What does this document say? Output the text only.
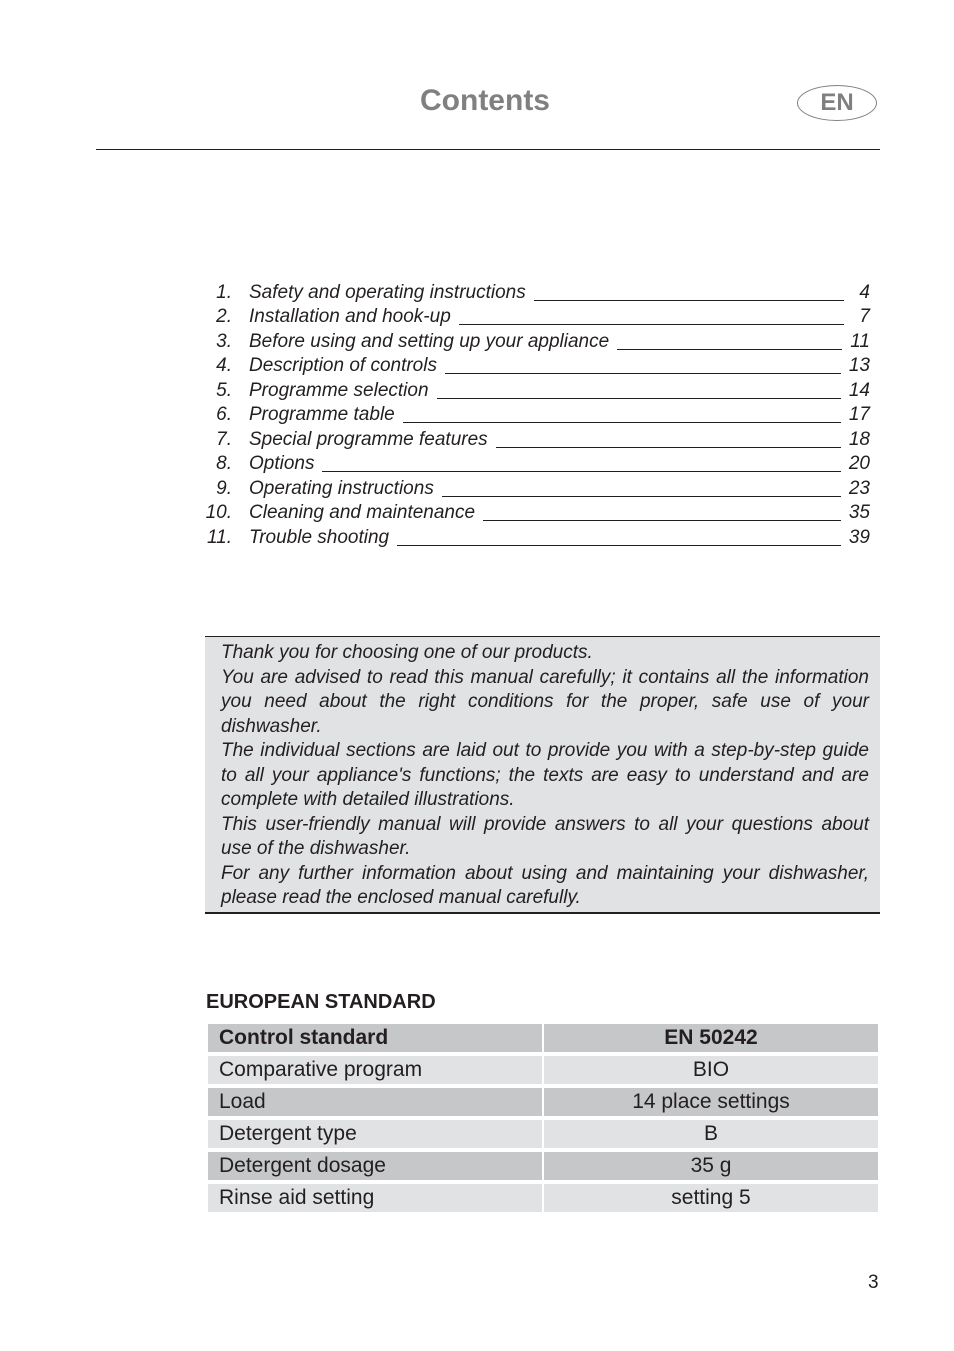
Contents	EN
1. Safety and operating instructions	4
2. Installation and hook-up	7
3. Before using and setting up your appliance	11
4. Description of controls	13
5. Programme selection	14
6. Programme table	17
7. Special programme features	18
8. Options	20
9. Operating instructions	23
10. Cleaning and maintenance	35
11. Trouble shooting	39

Thank you for choosing one of our products.

You are advised to read this manual carefully; it contains all the information you need about the right conditions for the proper, safe use of your dishwasher.

The individual sections are laid out to provide you with a step-by-step guide to all your appliance's functions; the texts are easy to understand and are complete with detailed illustrations.

This user-friendly manual will provide answers to all your questions about use of the dishwasher.

For any further information about using and maintaining your dishwasher, please read the enclosed manual carefully.

EUROPEAN STANDARD
Control standard	EN 50242
Comparative program	BIO
Load	14 place settings
Detergent type	B
Detergent dosage	35 g
Rinse aid setting	setting 5
3
